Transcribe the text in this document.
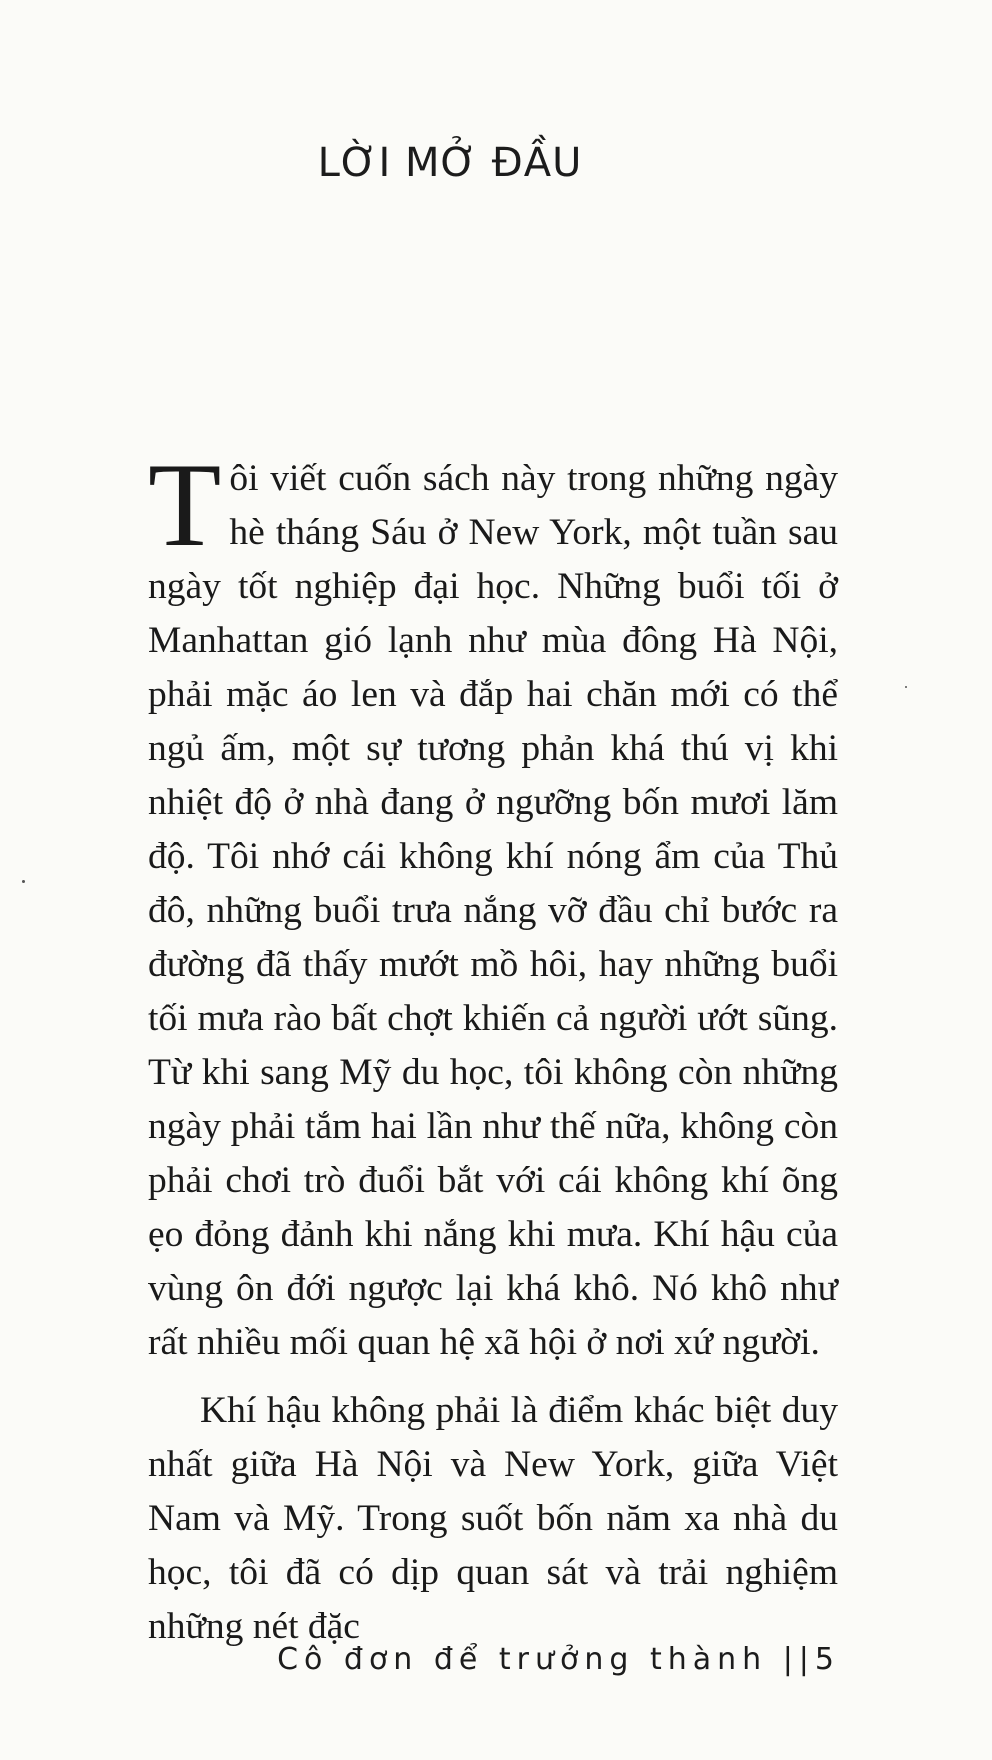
LỜI MỞ ĐẦU

Tôi viết cuốn sách này trong những ngày hè tháng Sáu ở New York, một tuần sau ngày tốt nghiệp đại học. Những buổi tối ở Manhattan gió lạnh như mùa đông Hà Nội, phải mặc áo len và đắp hai chăn mới có thể ngủ ấm, một sự tương phản khá thú vị khi nhiệt độ ở nhà đang ở ngưỡng bốn mươi lăm độ. Tôi nhớ cái không khí nóng ẩm của Thủ đô, những buổi trưa nắng vỡ đầu chỉ bước ra đường đã thấy mướt mồ hôi, hay những buổi tối mưa rào bất chợt khiến cả người ướt sũng. Từ khi sang Mỹ du học, tôi không còn những ngày phải tắm hai lần như thế nữa, không còn phải chơi trò đuổi bắt với cái không khí õng ẹo đỏng đảnh khi nắng khi mưa. Khí hậu của vùng ôn đới ngược lại khá khô. Nó khô như rất nhiều mối quan hệ xã hội ở nơi xứ người.

Khí hậu không phải là điểm khác biệt duy nhất giữa Hà Nội và New York, giữa Việt Nam và Mỹ. Trong suốt bốn năm xa nhà du học, tôi đã có dịp quan sát và trải nghiệm những nét đặc

Cô đơn để trưởng thành ||5
